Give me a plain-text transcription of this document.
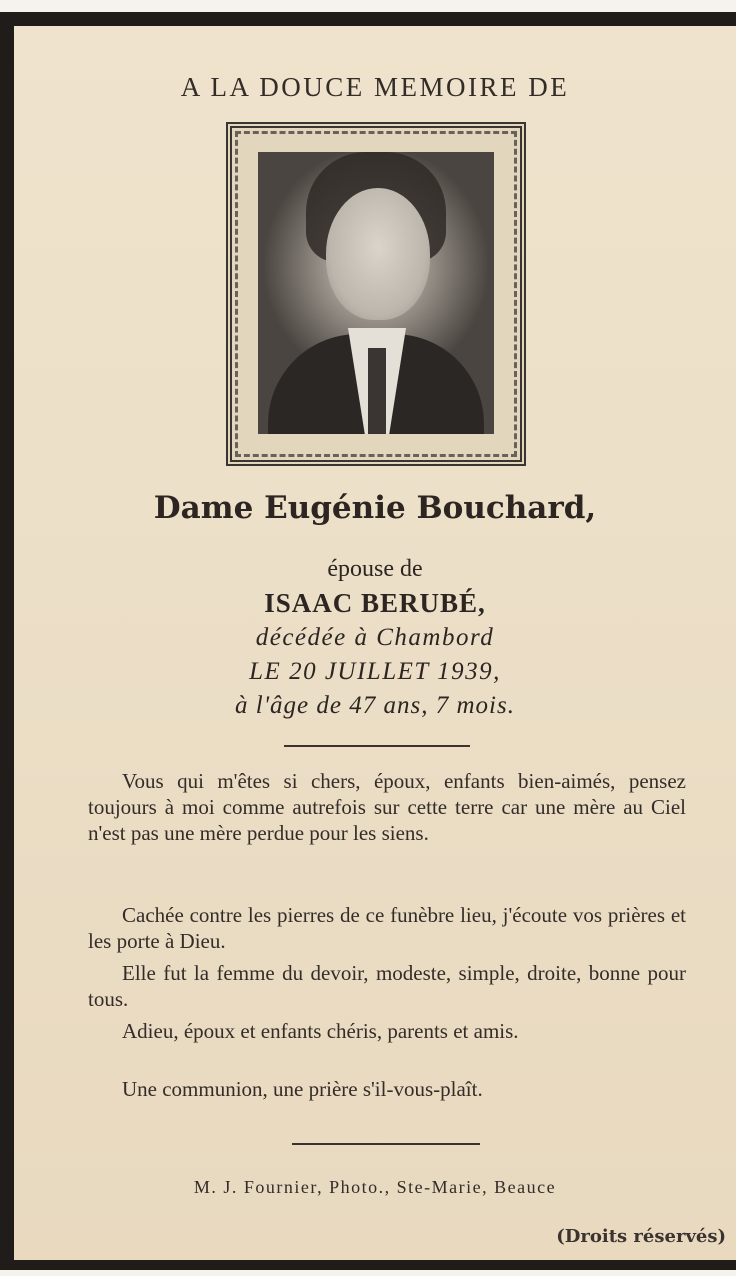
A LA DOUCE MEMOIRE DE
Dame Eugénie Bouchard,
épouse de
ISAAC BERUBÉ,
décédée à Chambord
LE 20 JUILLET 1939,
à l'âge de 47 ans, 7 mois.
Vous qui m'êtes si chers, époux, enfants bien-aimés, pensez toujours à moi comme autrefois sur cette terre car une mère au Ciel n'est pas une mère perdue pour les siens.
Cachée contre les pierres de ce funèbre lieu, j'écoute vos prières et les porte à Dieu.
Elle fut la femme du devoir, modeste, simple, droite, bonne pour tous.
Adieu, époux et enfants chéris, parents et amis.
Une communion, une prière s'il-vous-plaît.
M. J. Fournier, Photo., Ste-Marie, Beauce
(Droits réservés)
